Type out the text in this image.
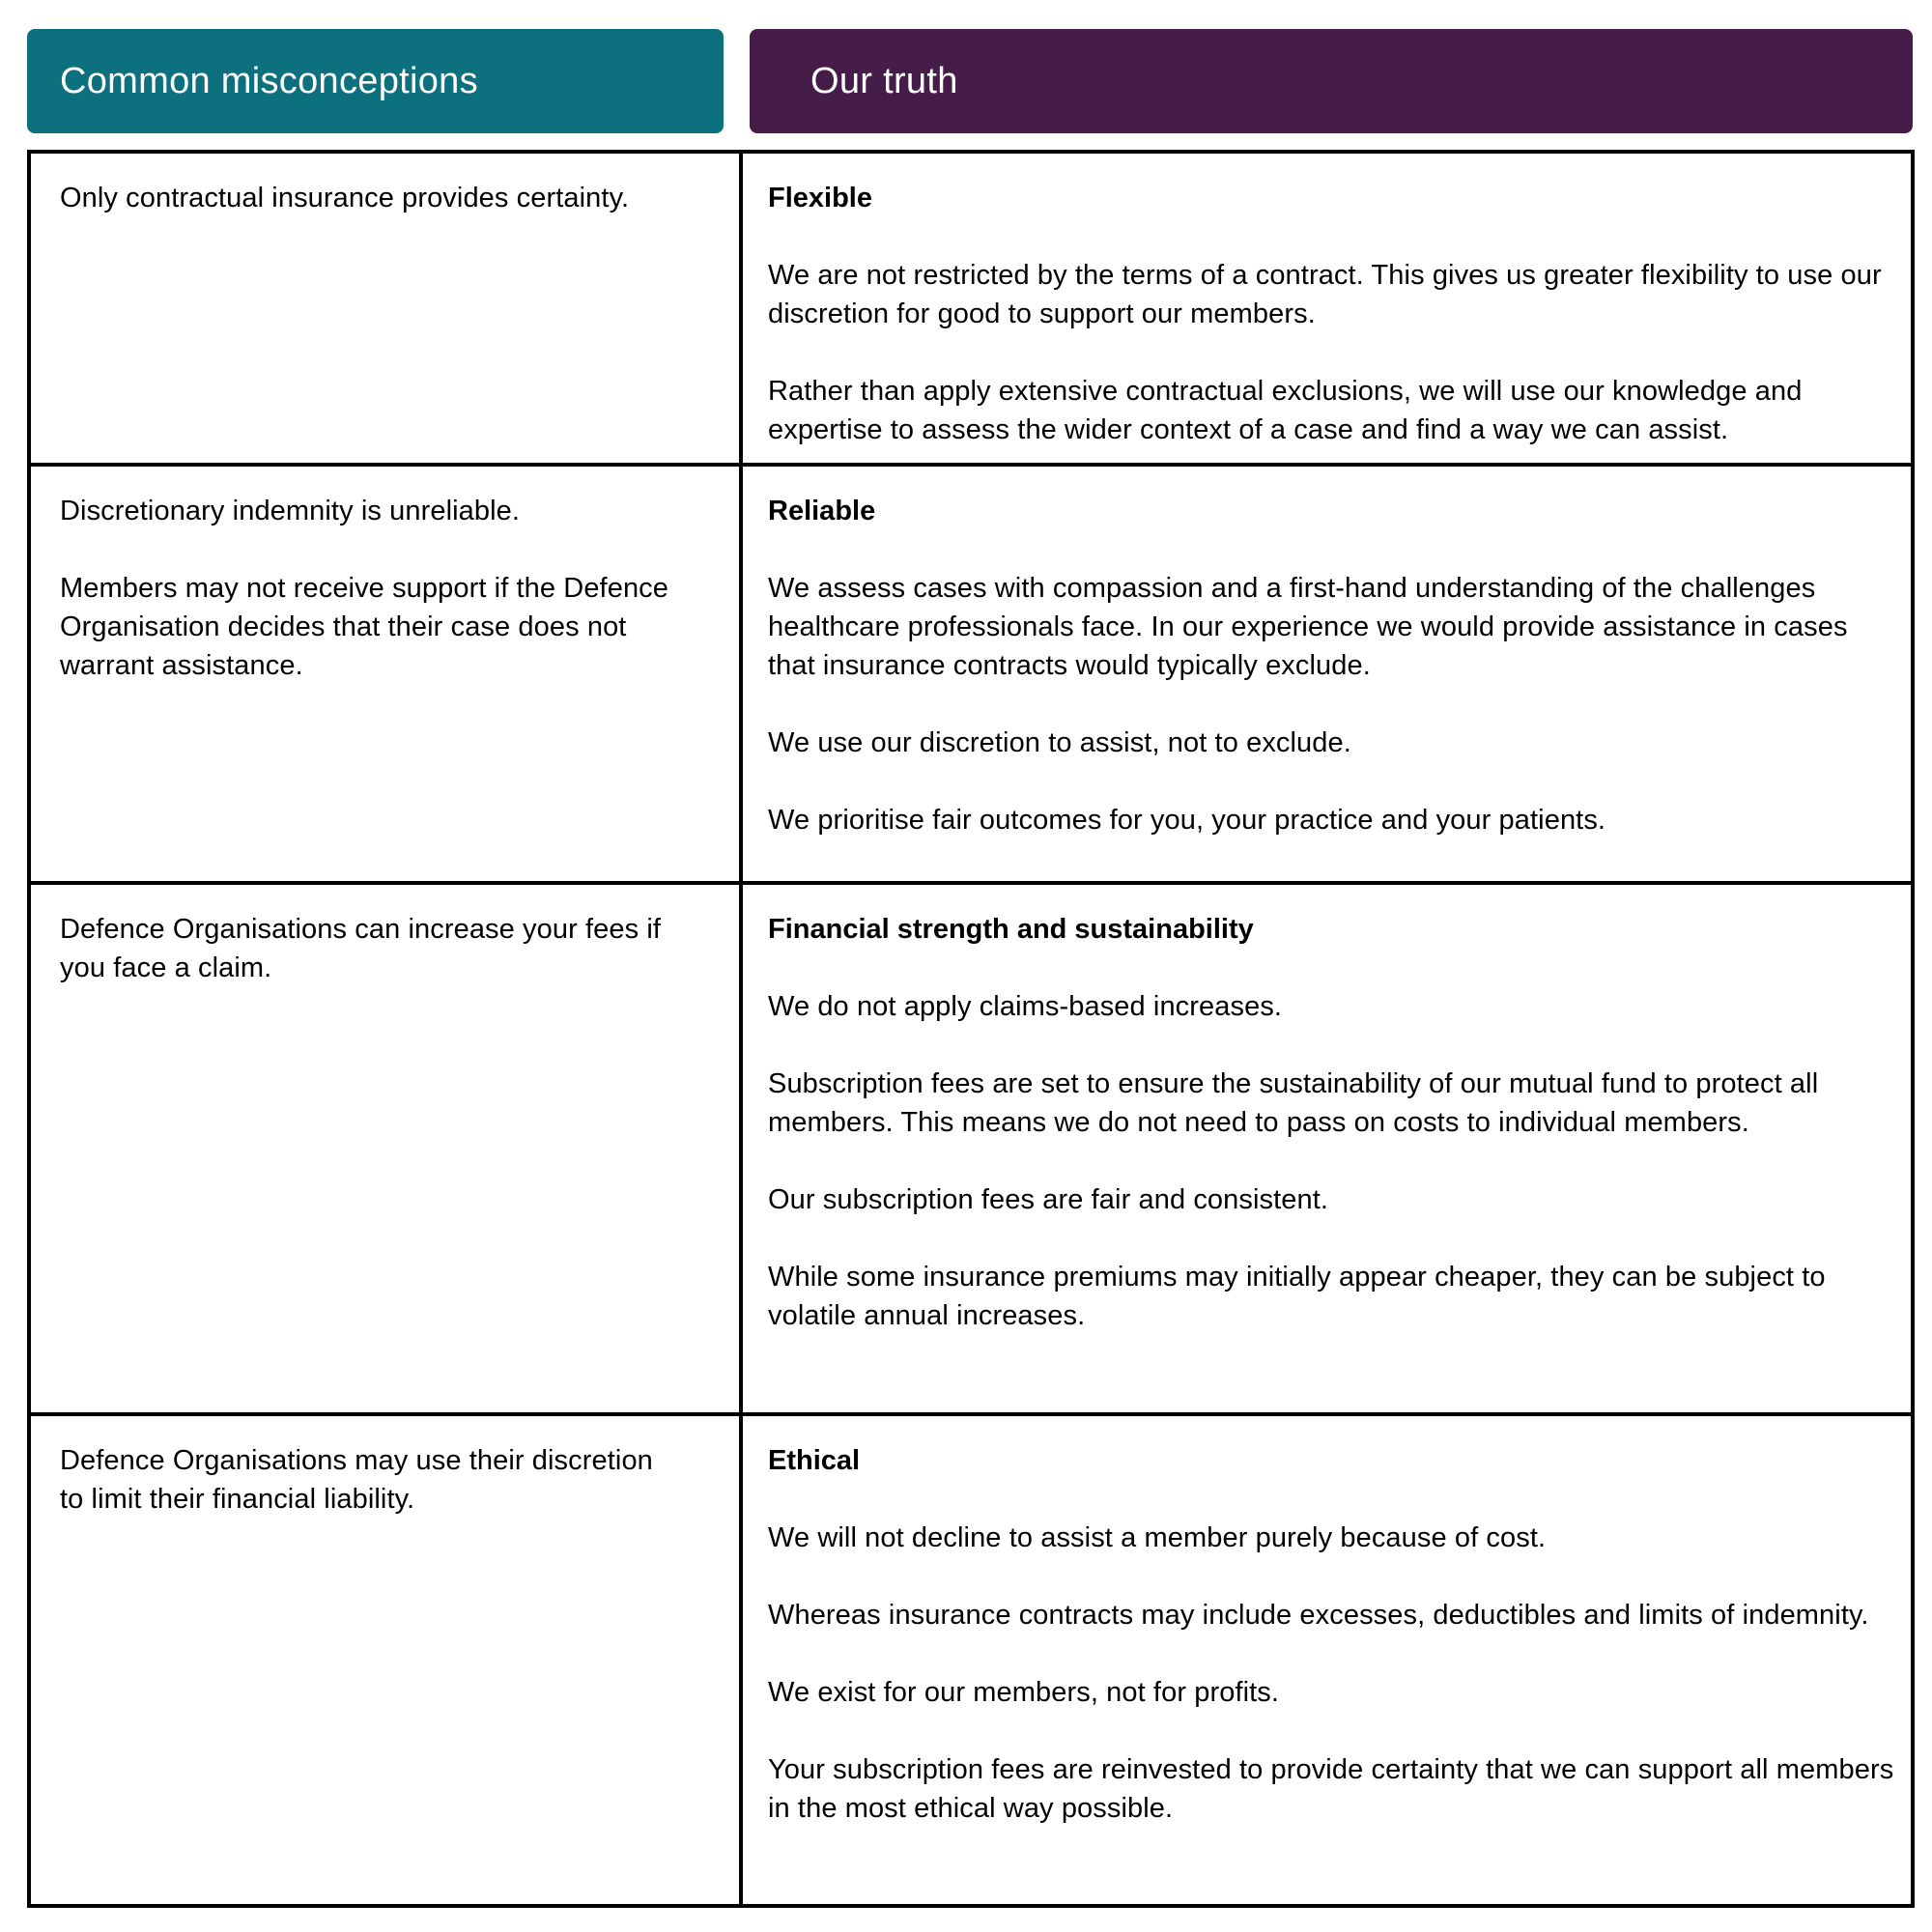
Common misconceptions	Our truth

Only contractual insurance provides certainty.	Flexible

We are not restricted by the terms of a contract. This gives us greater flexibility to use our discretion for good to support our members.

Rather than apply extensive contractual exclusions, we will use our knowledge and expertise to assess the wider context of a case and find a way we can assist.

Discretionary indemnity is unreliable.

Members may not receive support if the Defence Organisation decides that their case does not warrant assistance.

Reliable

We assess cases with compassion and a first-hand understanding of the challenges healthcare professionals face. In our experience we would provide assistance in cases that insurance contracts would typically exclude.

We use our discretion to assist, not to exclude.

We prioritise fair outcomes for you, your practice and your patients.

Defence Organisations can increase your fees if you face a claim.

Financial strength and sustainability

We do not apply claims-based increases.

Subscription fees are set to ensure the sustainability of our mutual fund to protect all members. This means we do not need to pass on costs to individual members.

Our subscription fees are fair and consistent.

While some insurance premiums may initially appear cheaper, they can be subject to volatile annual increases.

Defence Organisations may use their discretion to limit their financial liability.

Ethical

We will not decline to assist a member purely because of cost.

Whereas insurance contracts may include excesses, deductibles and limits of indemnity.

We exist for our members, not for profits.

Your subscription fees are reinvested to provide certainty that we can support all members in the most ethical way possible.
